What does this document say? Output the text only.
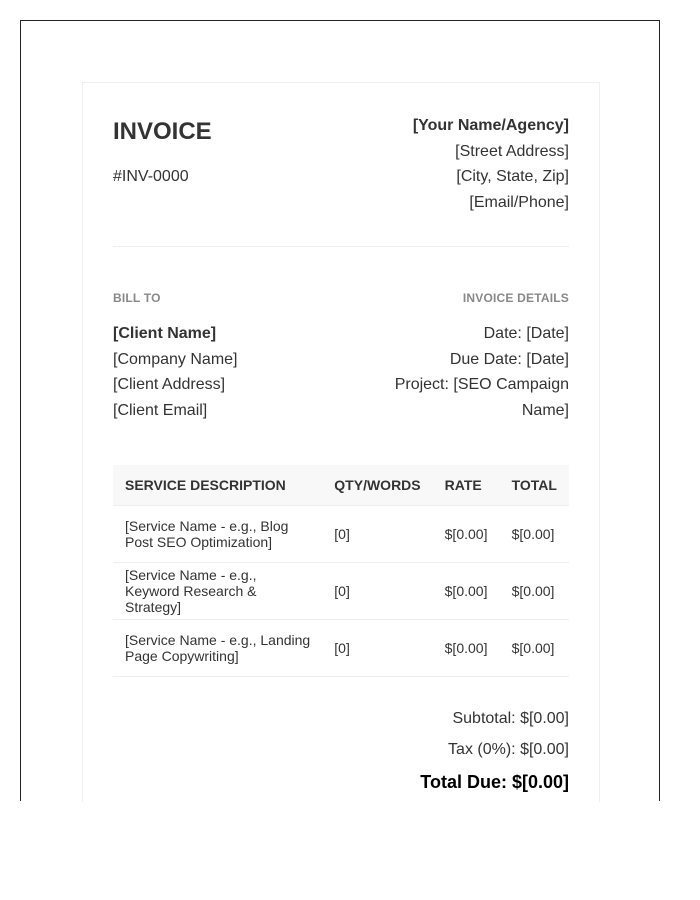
INVOICE
#INV-0000
[Your Name/Agency]
[Street Address]
[City, State, Zip]
[Email/Phone]
BILL TO
[Client Name]
[Company Name]
[Client Address]
[Client Email]
INVOICE DETAILS
Date: [Date]
Due Date: [Date]
Project: [SEO Campaign Name]
SERVICE DESCRIPTION	QTY/WORDS	RATE	TOTAL
[Service Name - e.g., Blog Post SEO Optimization]	[0]	$[0.00]	$[0.00]
[Service Name - e.g., Keyword Research & Strategy]	[0]	$[0.00]	$[0.00]
[Service Name - e.g., Landing Page Copywriting]	[0]	$[0.00]	$[0.00]
Subtotal: $[0.00]
Tax (0%): $[0.00]
Total Due: $[0.00]
